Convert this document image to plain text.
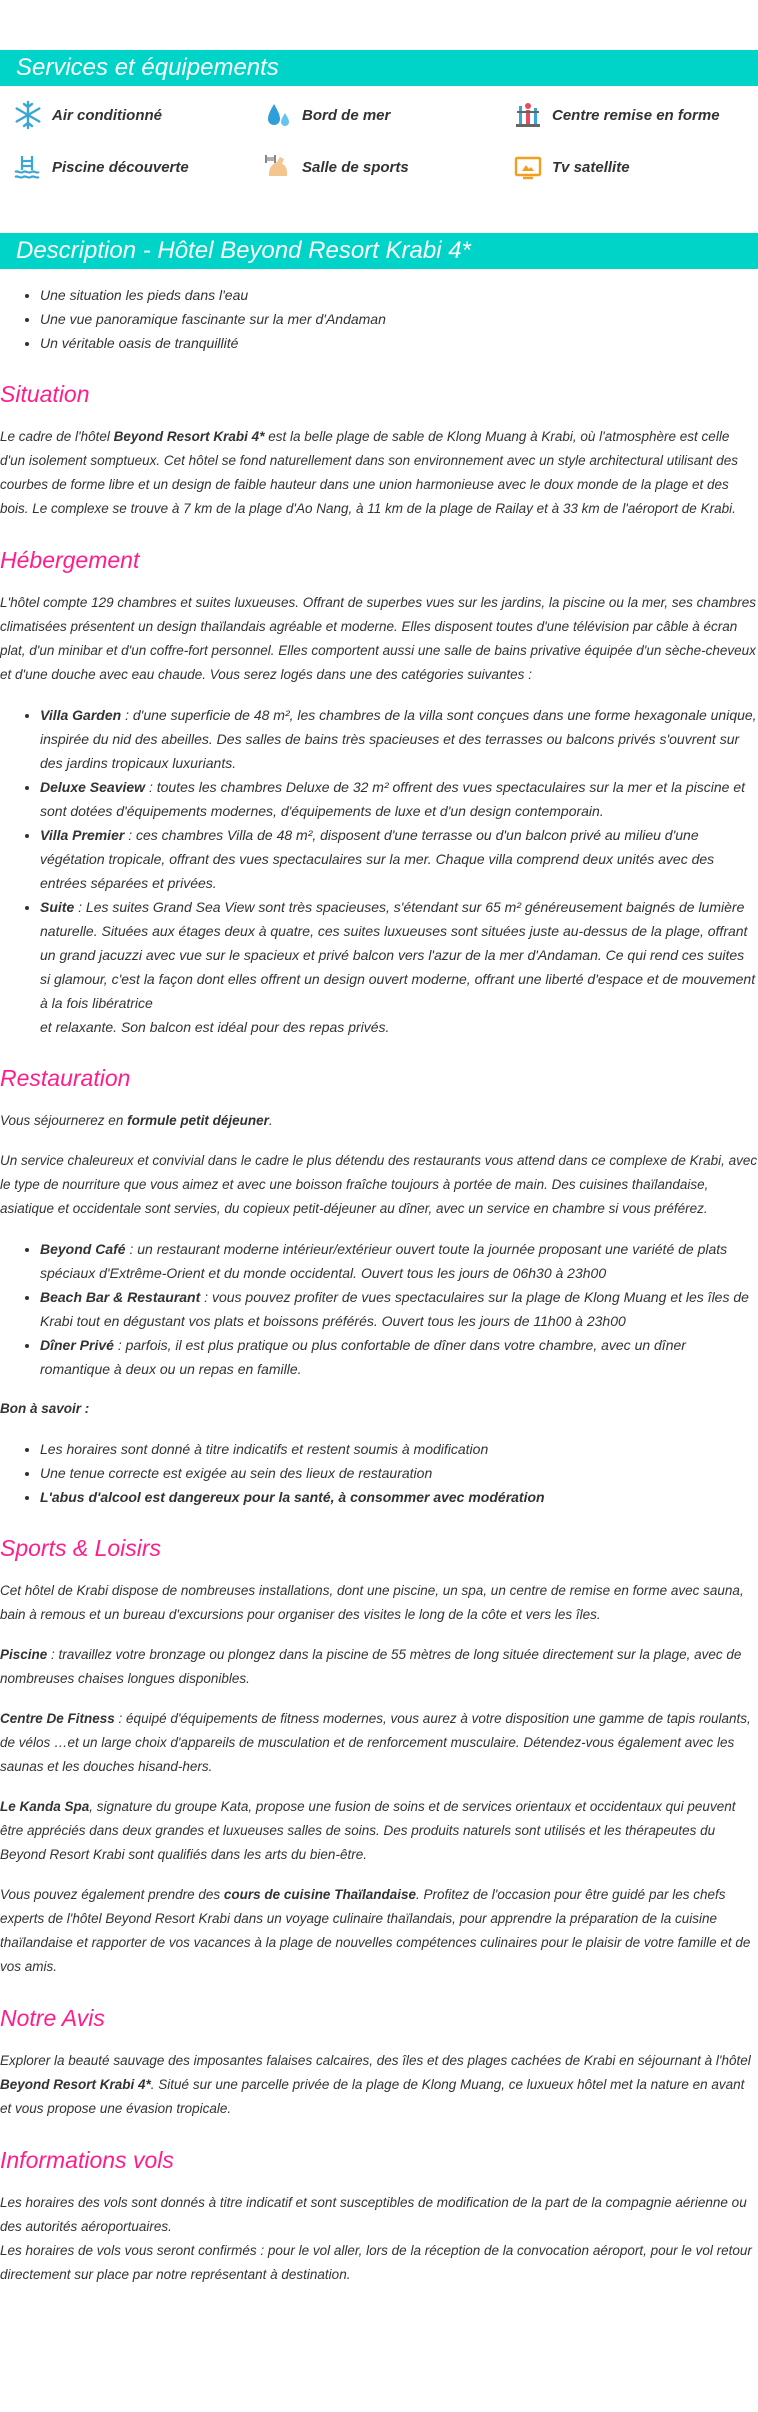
Services et équipements
Air conditionné	Bord de mer	Centre remise en forme
Piscine découverte	Salle de sports	Tv satellite
Description - Hôtel Beyond Resort Krabi 4*
• Une situation les pieds dans l'eau
• Une vue panoramique fascinante sur la mer d'Andaman
• Un véritable oasis de tranquillité
Situation

Le cadre de l'hôtel Beyond Resort Krabi 4* est la belle plage de sable de Klong Muang à Krabi, où l'atmosphère est celle d'un isolement somptueux. Cet hôtel se fond naturellement dans son environnement avec un style architectural utilisant des courbes de forme libre et un design de faible hauteur dans une union harmonieuse avec le doux monde de la plage et des bois. Le complexe se trouve à 7 km de la plage d'Ao Nang, à 11 km de la plage de Railay et à 33 km de l'aéroport de Krabi.

Hébergement

L'hôtel compte 129 chambres et suites luxueuses. Offrant de superbes vues sur les jardins, la piscine ou la mer, ses chambres climatisées présentent un design thaïlandais agréable et moderne. Elles disposent toutes d'une télévision par câble à écran plat, d'un minibar et d'un coffre-fort personnel. Elles comportent aussi une salle de bains privative équipée d'un sèche-cheveux et d'une douche avec eau chaude. Vous serez logés dans une des catégories suivantes :

• Villa Garden : d'une superficie de 48 m², les chambres de la villa sont conçues dans une forme hexagonale unique, inspirée du nid des abeilles. Des salles de bains très spacieuses et des terrasses ou balcons privés s'ouvrent sur des jardins tropicaux luxuriants.
• Deluxe Seaview : toutes les chambres Deluxe de 32 m² offrent des vues spectaculaires sur la mer et la piscine et sont dotées d'équipements modernes, d'équipements de luxe et d'un design contemporain.
• Villa Premier : ces chambres Villa de 48 m², disposent d'une terrasse ou d'un balcon privé au milieu d'une végétation tropicale, offrant des vues spectaculaires sur la mer. Chaque villa comprend deux unités avec des entrées séparées et privées.
• Suite : Les suites Grand Sea View sont très spacieuses, s'étendant sur 65 m² généreusement baignés de lumière naturelle. Situées aux étages deux à quatre, ces suites luxueuses sont situées juste au-dessus de la plage, offrant un grand jacuzzi avec vue sur le spacieux et privé balcon vers l'azur de la mer d'Andaman. Ce qui rend ces suites si glamour, c'est la façon dont elles offrent un design ouvert moderne, offrant une liberté d'espace et de mouvement à la fois libératrice
et relaxante. Son balcon est idéal pour des repas privés.
Restauration

Vous séjournerez en formule petit déjeuner.

Un service chaleureux et convivial dans le cadre le plus détendu des restaurants vous attend dans ce complexe de Krabi, avec le type de nourriture que vous aimez et avec une boisson fraîche toujours à portée de main. Des cuisines thaïlandaise, asiatique et occidentale sont servies, du copieux petit-déjeuner au dîner, avec un service en chambre si vous préférez.

• Beyond Café : un restaurant moderne intérieur/extérieur ouvert toute la journée proposant une variété de plats spéciaux d'Extrême-Orient et du monde occidental. Ouvert tous les jours de 06h30 à 23h00
• Beach Bar & Restaurant : vous pouvez profiter de vues spectaculaires sur la plage de Klong Muang et les îles de Krabi tout en dégustant vos plats et boissons préférés. Ouvert tous les jours de 11h00 à 23h00
• Dîner Privé : parfois, il est plus pratique ou plus confortable de dîner dans votre chambre, avec un dîner romantique à deux ou un repas en famille.

Bon à savoir :

• Les horaires sont donné à titre indicatifs et restent soumis à modification
• Une tenue correcte est exigée au sein des lieux de restauration
• L'abus d'alcool est dangereux pour la santé, à consommer avec modération
Sports & Loisirs

Cet hôtel de Krabi dispose de nombreuses installations, dont une piscine, un spa, un centre de remise en forme avec sauna, bain à remous et un bureau d'excursions pour organiser des visites le long de la côte et vers les îles.

Piscine : travaillez votre bronzage ou plongez dans la piscine de 55 mètres de long située directement sur la plage, avec de nombreuses chaises longues disponibles.

Centre De Fitness : équipé d'équipements de fitness modernes, vous aurez à votre disposition une gamme de tapis roulants, de vélos …et un large choix d'appareils de musculation et de renforcement musculaire. Détendez-vous également avec les saunas et les douches hisand-hers.

Le Kanda Spa, signature du groupe Kata, propose une fusion de soins et de services orientaux et occidentaux qui peuvent être appréciés dans deux grandes et luxueuses salles de soins. Des produits naturels sont utilisés et les thérapeutes du Beyond Resort Krabi sont qualifiés dans les arts du bien-être.

Vous pouvez également prendre des cours de cuisine Thaïlandaise. Profitez de l'occasion pour être guidé par les chefs experts de l'hôtel Beyond Resort Krabi dans un voyage culinaire thaïlandais, pour apprendre la préparation de la cuisine thaïlandaise et rapporter de vos vacances à la plage de nouvelles compétences culinaires pour le plaisir de votre famille et de vos amis.

Notre Avis

Explorer la beauté sauvage des imposantes falaises calcaires, des îles et des plages cachées de Krabi en séjournant à l'hôtel Beyond Resort Krabi 4*. Situé sur une parcelle privée de la plage de Klong Muang, ce luxueux hôtel met la nature en avant et vous propose une évasion tropicale.

Informations vols

Les horaires des vols sont donnés à titre indicatif et sont susceptibles de modification de la part de la compagnie aérienne ou des autorités aéroportuaires.

Les horaires de vols vous seront confirmés : pour le vol aller, lors de la réception de la convocation aéroport, pour le vol retour directement sur place par notre représentant à destination.
